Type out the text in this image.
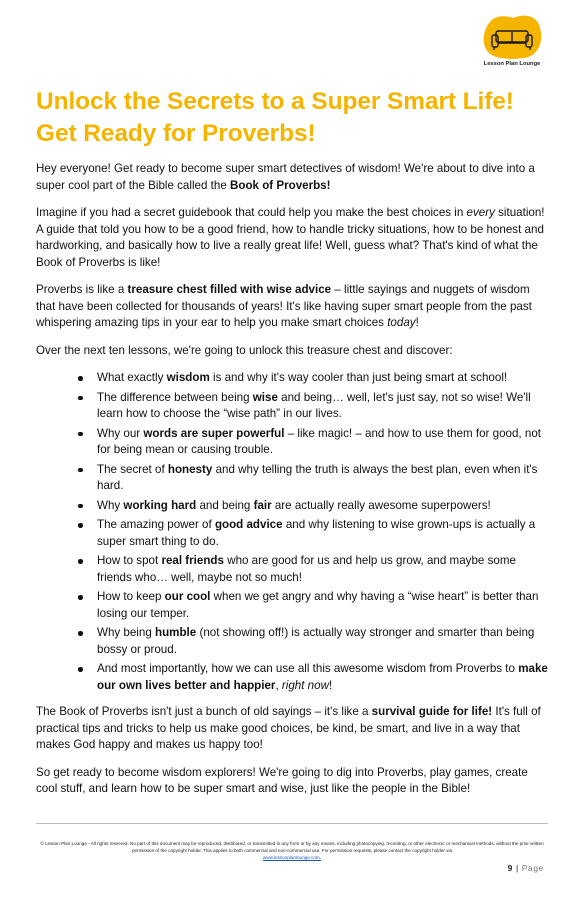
Lesson Plan Lounge
Unlock the Secrets to a Super Smart Life! Get Ready for Proverbs!

Hey everyone! Get ready to become super smart detectives of wisdom! We're about to dive into a super cool part of the Bible called the Book of Proverbs!

Imagine if you had a secret guidebook that could help you make the best choices in every situation! A guide that told you how to be a good friend, how to handle tricky situations, how to be honest and hardworking, and basically how to live a really great life! Well, guess what? That's kind of what the Book of Proverbs is like!

Proverbs is like a treasure chest filled with wise advice – little sayings and nuggets of wisdom that have been collected for thousands of years! It's like having super smart people from the past whispering amazing tips in your ear to help you make smart choices today!

Over the next ten lessons, we're going to unlock this treasure chest and discover:

What exactly wisdom is and why it's way cooler than just being smart at school!
The difference between being wise and being… well, let's just say, not so wise! We'll learn how to choose the “wise path” in our lives.
Why our words are super powerful – like magic! – and how to use them for good, not for being mean or causing trouble.
The secret of honesty and why telling the truth is always the best plan, even when it's hard.
Why working hard and being fair are actually really awesome superpowers!
The amazing power of good advice and why listening to wise grown-ups is actually a super smart thing to do.
How to spot real friends who are good for us and help us grow, and maybe some friends who… well, maybe not so much!
How to keep our cool when we get angry and why having a “wise heart” is better than losing our temper.
Why being humble (not showing off!) is actually way stronger and smarter than being bossy or proud.
And most importantly, how we can use all this awesome wisdom from Proverbs to make our own lives better and happier, right now!

The Book of Proverbs isn't just a bunch of old sayings – it's like a survival guide for life! It's full of practical tips and tricks to help us make good choices, be kind, be smart, and live in a way that makes God happy and makes us happy too!

So get ready to become wisdom explorers! We're going to dig into Proverbs, play games, create cool stuff, and learn how to be super smart and wise, just like the people in the Bible!

© Lesson Plan Lounge - All rights reserved. No part of this document may be reproduced, distributed, or transmitted in any form or by any means, including photocopying, recording, or other electronic or mechanical methods, without the prior written permission of the copyright holder. This applies to both commercial and non-commercial use. For permission requests, please contact the copyright holder via
www.lessonplanlounge.com.
9 | Page
